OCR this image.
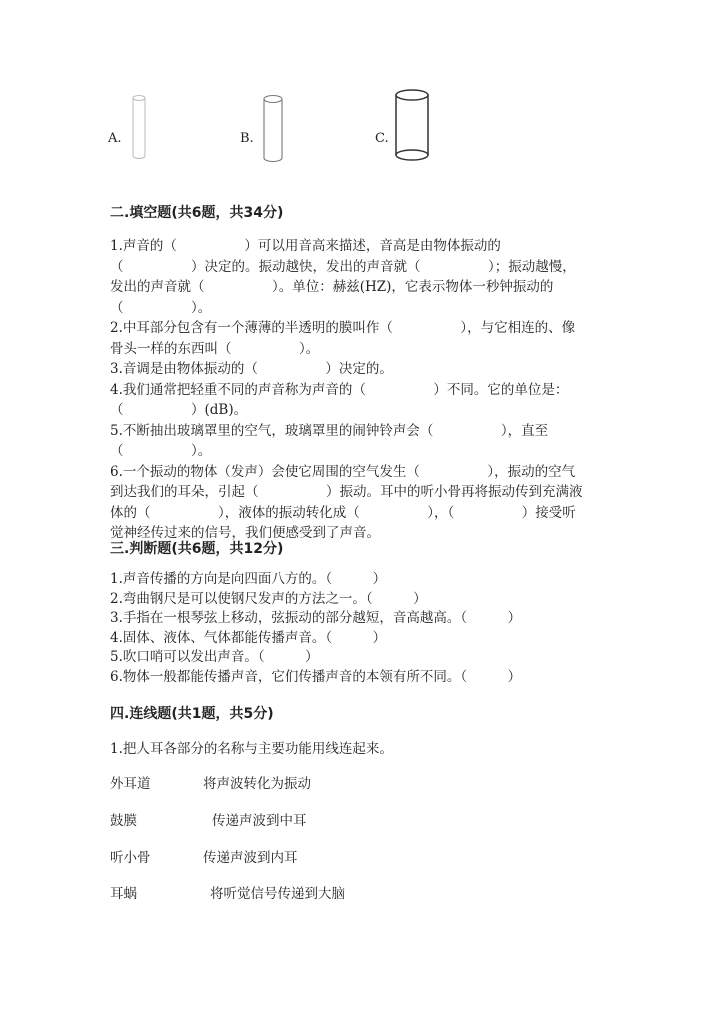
A.	B.	C.
二.填空题(共6题，共34分)
1.声音的（　　　　　）可以用音高来描述，音高是由物体振动的
（　　　　　）决定的。振动越快，发出的声音就（　　　　　）；振动越慢，
发出的声音就（　　　　　）。单位：赫兹(HZ)，它表示物体一秒钟振动的
（　　　　　）。
2.中耳部分包含有一个薄薄的半透明的膜叫作（　　　　　），与它相连的、像
骨头一样的东西叫（　　　　　）。
3.音调是由物体振动的（　　　　　）决定的。
4.我们通常把轻重不同的声音称为声音的（　　　　　）不同。它的单位是：
（　　　　　）(dB)。
5.不断抽出玻璃罩里的空气，玻璃罩里的闹钟铃声会（　　　　　），直至
（　　　　　）。
6.一个振动的物体（发声）会使它周围的空气发生（　　　　　），振动的空气
到达我们的耳朵，引起（　　　　　）振动。耳中的听小骨再将振动传到充满液
体的（　　　　　），液体的振动转化成（　　　　　），（　　　　　）接受听
觉神经传过来的信号，我们便感受到了声音。
三.判断题(共6题，共12分)
1.声音传播的方向是向四面八方的。（　　　）
2.弯曲钢尺是可以使钢尺发声的方法之一。（　　　）
3.手指在一根琴弦上移动，弦振动的部分越短，音高越高。（　　　）
4.固体、液体、气体都能传播声音。（　　　）
5.吹口哨可以发出声音。（　　　）
6.物体一般都能传播声音，它们传播声音的本领有所不同。（　　　）
四.连线题(共1题，共5分)
1.把人耳各部分的名称与主要功能用线连起来。
外耳道	将声波转化为振动
鼓膜	传递声波到中耳
听小骨	传递声波到内耳
耳蜗	将听觉信号传递到大脑
